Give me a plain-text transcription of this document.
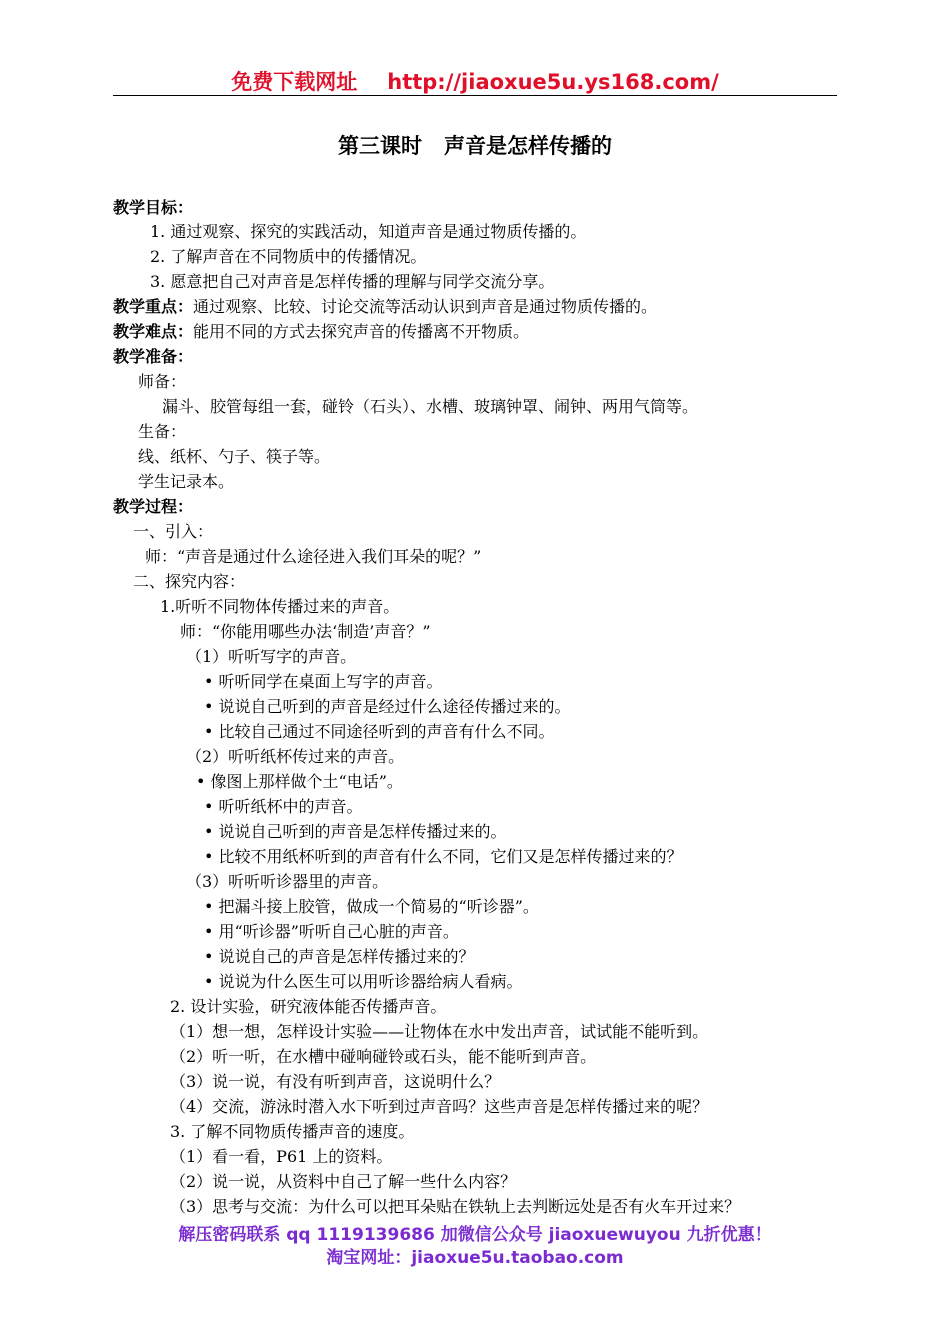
免费下载网址 http://jiaoxue5u.ys168.com/
第三课时 声音是怎样传播的
教学目标：
1. 通过观察、探究的实践活动，知道声音是通过物质传播的。
2. 了解声音在不同物质中的传播情况。
3. 愿意把自己对声音是怎样传播的理解与同学交流分享。
教学重点：通过观察、比较、讨论交流等活动认识到声音是通过物质传播的。
教学难点：能用不同的方式去探究声音的传播离不开物质。
教学准备：
师备：
漏斗、胶管每组一套，碰铃（石头）、水槽、玻璃钟罩、闹钟、两用气筒等。
生备：
线、纸杯、勺子、筷子等。
学生记录本。
教学过程：
一、引入：
师：“声音是通过什么途径进入我们耳朵的呢？”
二、探究内容：
1.听听不同物体传播过来的声音。
师：“你能用哪些办法‘制造’声音？”
（1）听听写字的声音。
• 听听同学在桌面上写字的声音。
• 说说自己听到的声音是经过什么途径传播过来的。
• 比较自己通过不同途径听到的声音有什么不同。
（2）听听纸杯传过来的声音。
• 像图上那样做个土“电话”。
• 听听纸杯中的声音。
• 说说自己听到的声音是怎样传播过来的。
• 比较不用纸杯听到的声音有什么不同，它们又是怎样传播过来的？
（3）听听听诊器里的声音。
• 把漏斗接上胶管，做成一个简易的“听诊器”。
• 用“听诊器”听听自己心脏的声音。
• 说说自己的声音是怎样传播过来的？
• 说说为什么医生可以用听诊器给病人看病。
2. 设计实验，研究液体能否传播声音。
（1）想一想，怎样设计实验——让物体在水中发出声音，试试能不能听到。
（2）听一听，在水槽中碰响碰铃或石头，能不能听到声音。
（3）说一说，有没有听到声音，这说明什么？
（4）交流，游泳时潜入水下听到过声音吗？这些声音是怎样传播过来的呢？
3. 了解不同物质传播声音的速度。
（1）看一看，P61 上的资料。
（2）说一说，从资料中自己了解一些什么内容？
（3）思考与交流：为什么可以把耳朵贴在铁轨上去判断远处是否有火车开过来？
解压密码联系 qq 1119139686 加微信公众号 jiaoxuewuyou 九折优惠！
淘宝网址：jiaoxue5u.taobao.com
